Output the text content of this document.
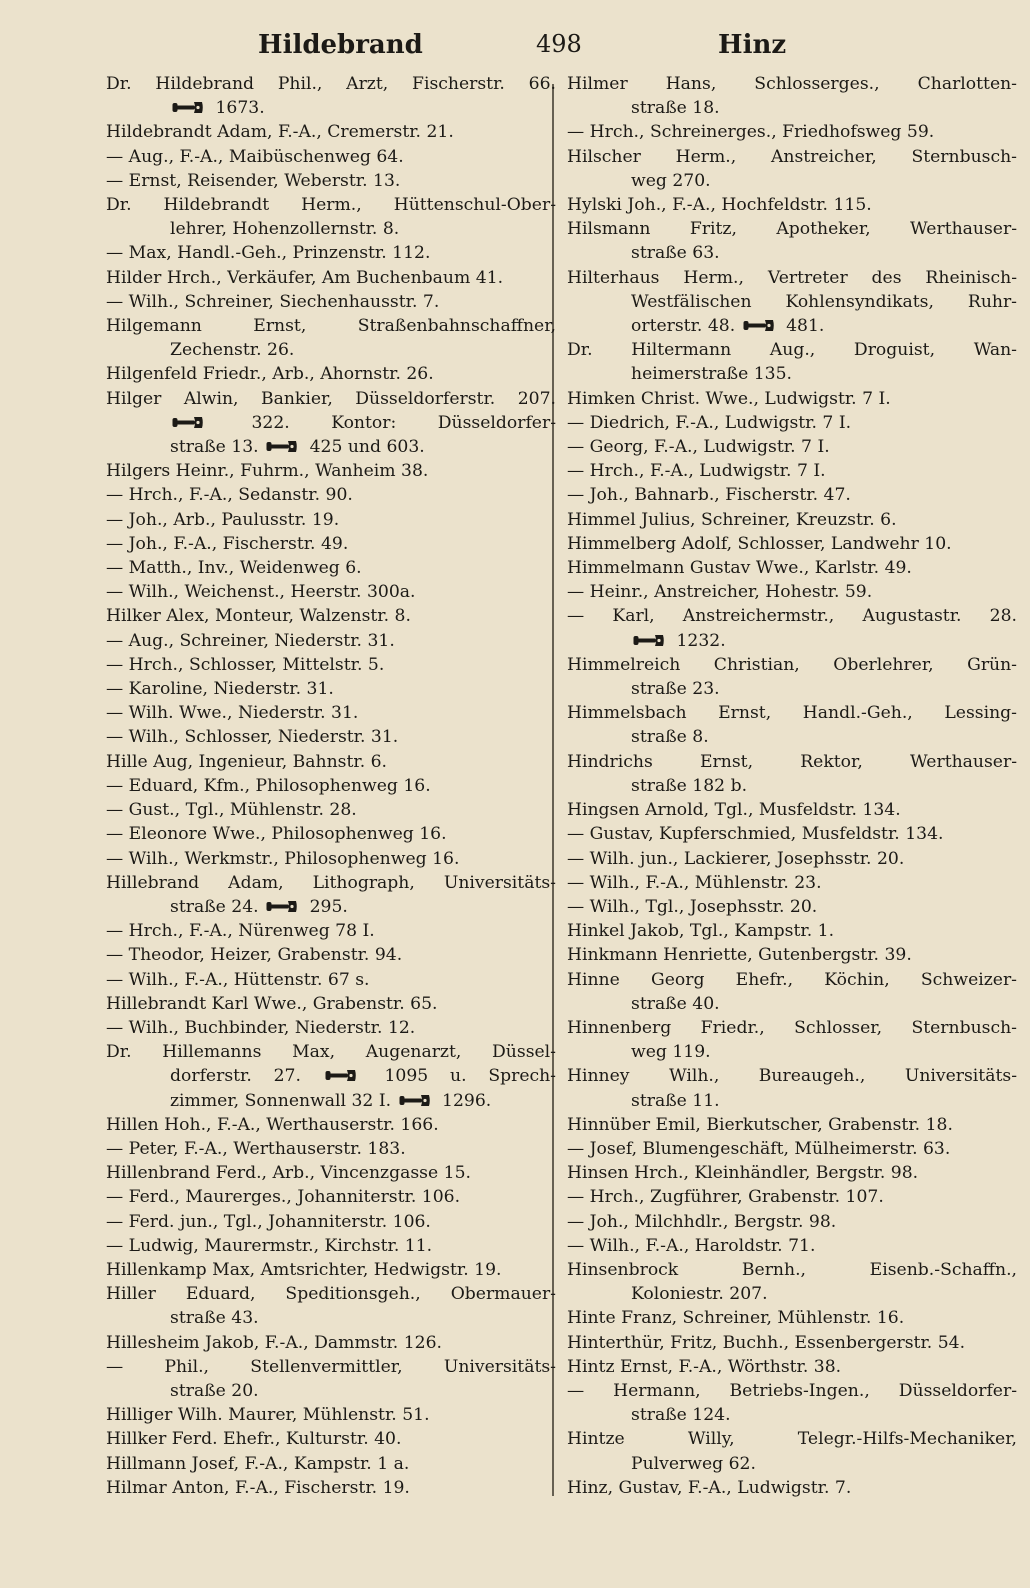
Hildebrand	498	Hinz
Dr. Hildebrand Phil., Arzt, Fischerstr. 66.
1673.
Hildebrandt Adam, F.-A., Cremerstr. 21.
— Aug., F.-A., Maibüschenweg 64.
— Ernst, Reisender, Weberstr. 13.
Dr. Hildebrandt Herm., Hüttenschul-Ober-
lehrer, Hohenzollernstr. 8.
— Max, Handl.-Geh., Prinzenstr. 112.
Hilder Hrch., Verkäufer, Am Buchenbaum 41.
— Wilh., Schreiner, Siechenhausstr. 7.
Hilgemann Ernst, Straßenbahnschaffner,
Zechenstr. 26.
Hilgenfeld Friedr., Arb., Ahornstr. 26.
Hilger Alwin, Bankier, Düsseldorferstr. 207.
322. Kontor: Düsseldorfer-
straße 13.  425 und 603.
Hilgers Heinr., Fuhrm., Wanheim 38.
— Hrch., F.-A., Sedanstr. 90.
— Joh., Arb., Paulusstr. 19.
— Joh., F.-A., Fischerstr. 49.
— Matth., Inv., Weidenweg 6.
— Wilh., Weichenst., Heerstr. 300a.
Hilker Alex, Monteur, Walzenstr. 8.
— Aug., Schreiner, Niederstr. 31.
— Hrch., Schlosser, Mittelstr. 5.
— Karoline, Niederstr. 31.
— Wilh. Wwe., Niederstr. 31.
— Wilh., Schlosser, Niederstr. 31.
Hille Aug, Ingenieur, Bahnstr. 6.
— Eduard, Kfm., Philosophenweg 16.
— Gust., Tgl., Mühlenstr. 28.
— Eleonore Wwe., Philosophenweg 16.
— Wilh., Werkmstr., Philosophenweg 16.
Hillebrand Adam, Lithograph, Universitäts-
straße 24.  295.
— Hrch., F.-A., Nürenweg 78 I.
— Theodor, Heizer, Grabenstr. 94.
— Wilh., F.-A., Hüttenstr. 67 s.
Hillebrandt Karl Wwe., Grabenstr. 65.
— Wilh., Buchbinder, Niederstr. 12.
Dr. Hillemanns Max, Augenarzt, Düssel-
dorferstr. 27.  1095 u. Sprech-
zimmer, Sonnenwall 32 I.  1296.
Hillen Hoh., F.-A., Werthauserstr. 166.
— Peter, F.-A., Werthauserstr. 183.
Hillenbrand Ferd., Arb., Vincenzgasse 15.
— Ferd., Maurerges., Johanniterstr. 106.
— Ferd. jun., Tgl., Johanniterstr. 106.
— Ludwig, Maurermstr., Kirchstr. 11.
Hillenkamp Max, Amtsrichter, Hedwigstr. 19.
Hiller Eduard, Speditionsgeh., Obermauer-
straße 43.
Hillesheim Jakob, F.-A., Dammstr. 126.
— Phil., Stellenvermittler, Universitäts-
straße 20.
Hilliger Wilh. Maurer, Mühlenstr. 51.
Hillker Ferd. Ehefr., Kulturstr. 40.
Hillmann Josef, F.-A., Kampstr. 1 a.
Hilmar Anton, F.-A., Fischerstr. 19.
Hilmer Hans, Schlosserges., Charlotten-
straße 18.
— Hrch., Schreinerges., Friedhofsweg 59.
Hilscher Herm., Anstreicher, Sternbusch-
weg 270.
Hylski Joh., F.-A., Hochfeldstr. 115.
Hilsmann Fritz, Apotheker, Werthauser-
straße 63.
Hilterhaus Herm., Vertreter des Rheinisch-
Westfälischen Kohlensyndikats, Ruhr-
orterstr. 48.  481.
Dr. Hiltermann Aug., Droguist, Wan-
heimerstraße 135.
Himken Christ. Wwe., Ludwigstr. 7 I.
— Diedrich, F.-A., Ludwigstr. 7 I.
— Georg, F.-A., Ludwigstr. 7 I.
— Hrch., F.-A., Ludwigstr. 7 I.
— Joh., Bahnarb., Fischerstr. 47.
Himmel Julius, Schreiner, Kreuzstr. 6.
Himmelberg Adolf, Schlosser, Landwehr 10.
Himmelmann Gustav Wwe., Karlstr. 49.
— Heinr., Anstreicher, Hohestr. 59.
— Karl, Anstreichermstr., Augustastr. 28.
1232.
Himmelreich Christian, Oberlehrer, Grün-
straße 23.
Himmelsbach Ernst, Handl.-Geh., Lessing-
straße 8.
Hindrichs Ernst, Rektor, Werthauser-
straße 182 b.
Hingsen Arnold, Tgl., Musfeldstr. 134.
— Gustav, Kupferschmied, Musfeldstr. 134.
— Wilh. jun., Lackierer, Josephsstr. 20.
— Wilh., F.-A., Mühlenstr. 23.
— Wilh., Tgl., Josephsstr. 20.
Hinkel Jakob, Tgl., Kampstr. 1.
Hinkmann Henriette, Gutenbergstr. 39.
Hinne Georg Ehefr., Köchin, Schweizer-
straße 40.
Hinnenberg Friedr., Schlosser, Sternbusch-
weg 119.
Hinney Wilh., Bureaugeh., Universitäts-
straße 11.
Hinnüber Emil, Bierkutscher, Grabenstr. 18.
— Josef, Blumengeschäft, Mülheimerstr. 63.
Hinsen Hrch., Kleinhändler, Bergstr. 98.
— Hrch., Zugführer, Grabenstr. 107.
— Joh., Milchhdlr., Bergstr. 98.
— Wilh., F.-A., Haroldstr. 71.
Hinsenbrock Bernh., Eisenb.-Schaffn.,
Koloniestr. 207.
Hinte Franz, Schreiner, Mühlenstr. 16.
Hinterthür, Fritz, Buchh., Essenbergerstr. 54.
Hintz Ernst, F.-A., Wörthstr. 38.
— Hermann, Betriebs-Ingen., Düsseldorfer-
straße 124.
Hintze Willy, Telegr.-Hilfs-Mechaniker,
Pulverweg 62.
Hinz, Gustav, F.-A., Ludwigstr. 7.
